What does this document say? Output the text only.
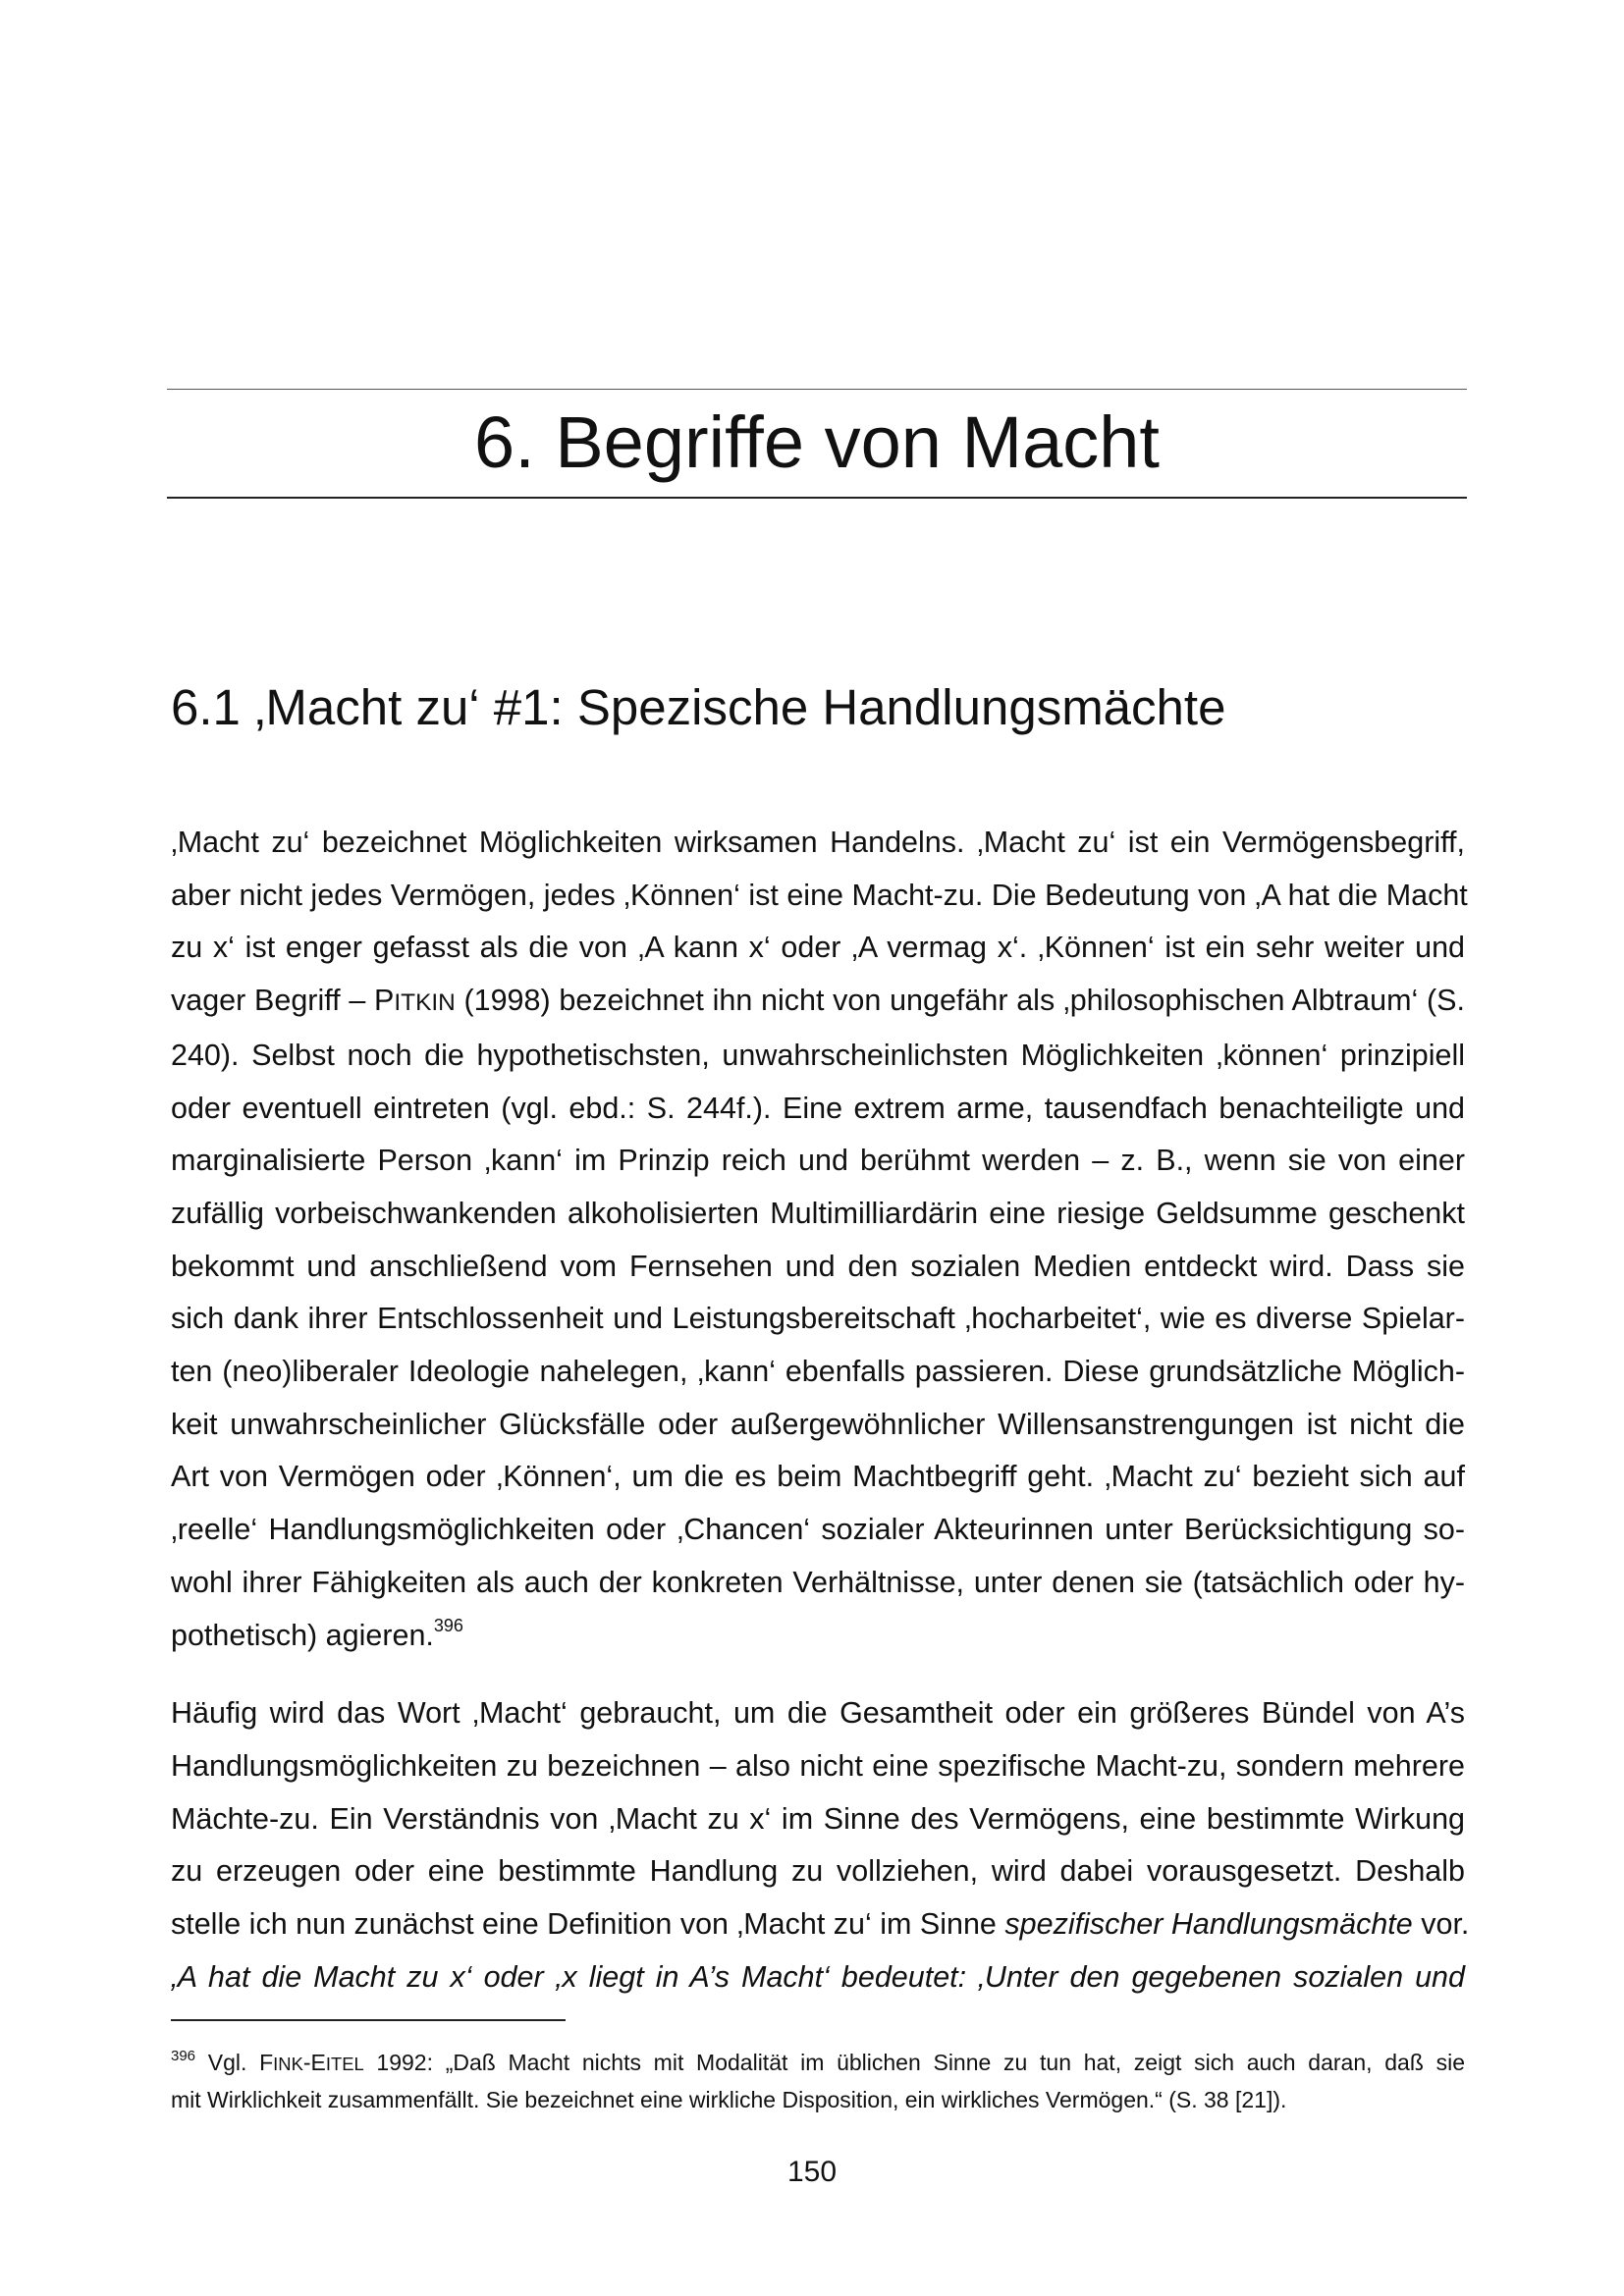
6. Begriffe von Macht
6.1 ‚Macht zu‘ #1: Spezische Handlungsmächte

‚Macht zu‘ bezeichnet Möglichkeiten wirksamen Handelns. ‚Macht zu‘ ist ein Vermögensbegriff,
aber nicht jedes Vermögen, jedes ‚Können‘ ist eine Macht-zu. Die Bedeutung von ‚A hat die Macht
zu x‘ ist enger gefasst als die von ‚A kann x‘ oder ‚A vermag x‘. ‚Können‘ ist ein sehr weiter und
vager Begriff – PITKIN (1998) bezeichnet ihn nicht von ungefähr als ‚philosophischen Albtraum‘ (S.
240). Selbst noch die hypothetischsten, unwahrscheinlichsten Möglichkeiten ‚können‘ prinzipiell
oder eventuell eintreten (vgl. ebd.: S. 244f.). Eine extrem arme, tausendfach benachteiligte und
marginalisierte Person ‚kann‘ im Prinzip reich und berühmt werden – z. B., wenn sie von einer
zufällig vorbeischwankenden alkoholisierten Multimilliardärin eine riesige Geldsumme geschenkt
bekommt und anschließend vom Fernsehen und den sozialen Medien entdeckt wird. Dass sie
sich dank ihrer Entschlossenheit und Leistungsbereitschaft ‚hocharbeitet‘, wie es diverse Spielar-
ten (neo)liberaler Ideologie nahelegen, ‚kann‘ ebenfalls passieren. Diese grundsätzliche Möglich-
keit unwahrscheinlicher Glücksfälle oder außergewöhnlicher Willensanstrengungen ist nicht die
Art von Vermögen oder ‚Können‘, um die es beim Machtbegriff geht. ‚Macht zu‘ bezieht sich auf
‚reelle‘ Handlungsmöglichkeiten oder ‚Chancen‘ sozialer Akteurinnen unter Berücksichtigung so-
wohl ihrer Fähigkeiten als auch der konkreten Verhältnisse, unter denen sie (tatsächlich oder hy-
pothetisch) agieren.$^{396}$

Häufig wird das Wort ‚Macht‘ gebraucht, um die Gesamtheit oder ein größeres Bündel von A’s
Handlungsmöglichkeiten zu bezeichnen – also nicht eine spezifische Macht-zu, sondern mehrere
Mächte-zu. Ein Verständnis von ‚Macht zu x‘ im Sinne des Vermögens, eine bestimmte Wirkung
zu erzeugen oder eine bestimmte Handlung zu vollziehen, wird dabei vorausgesetzt. Deshalb
stelle ich nun zunächst eine Definition von ‚Macht zu‘ im Sinne spezifischer Handlungsmächte vor.
‚A hat die Macht zu x‘ oder ‚x liegt in A’s Macht‘ bedeutet: ‚Unter den gegebenen sozialen und

$^{396}$ Vgl. FINK-EITEL 1992: „Daß Macht nichts mit Modalität im üblichen Sinne zu tun hat, zeigt sich auch daran, daß sie
mit Wirklichkeit zusammenfällt. Sie bezeichnet eine wirkliche Disposition, ein wirkliches Vermögen.“ (S. 38 [21]).

150
